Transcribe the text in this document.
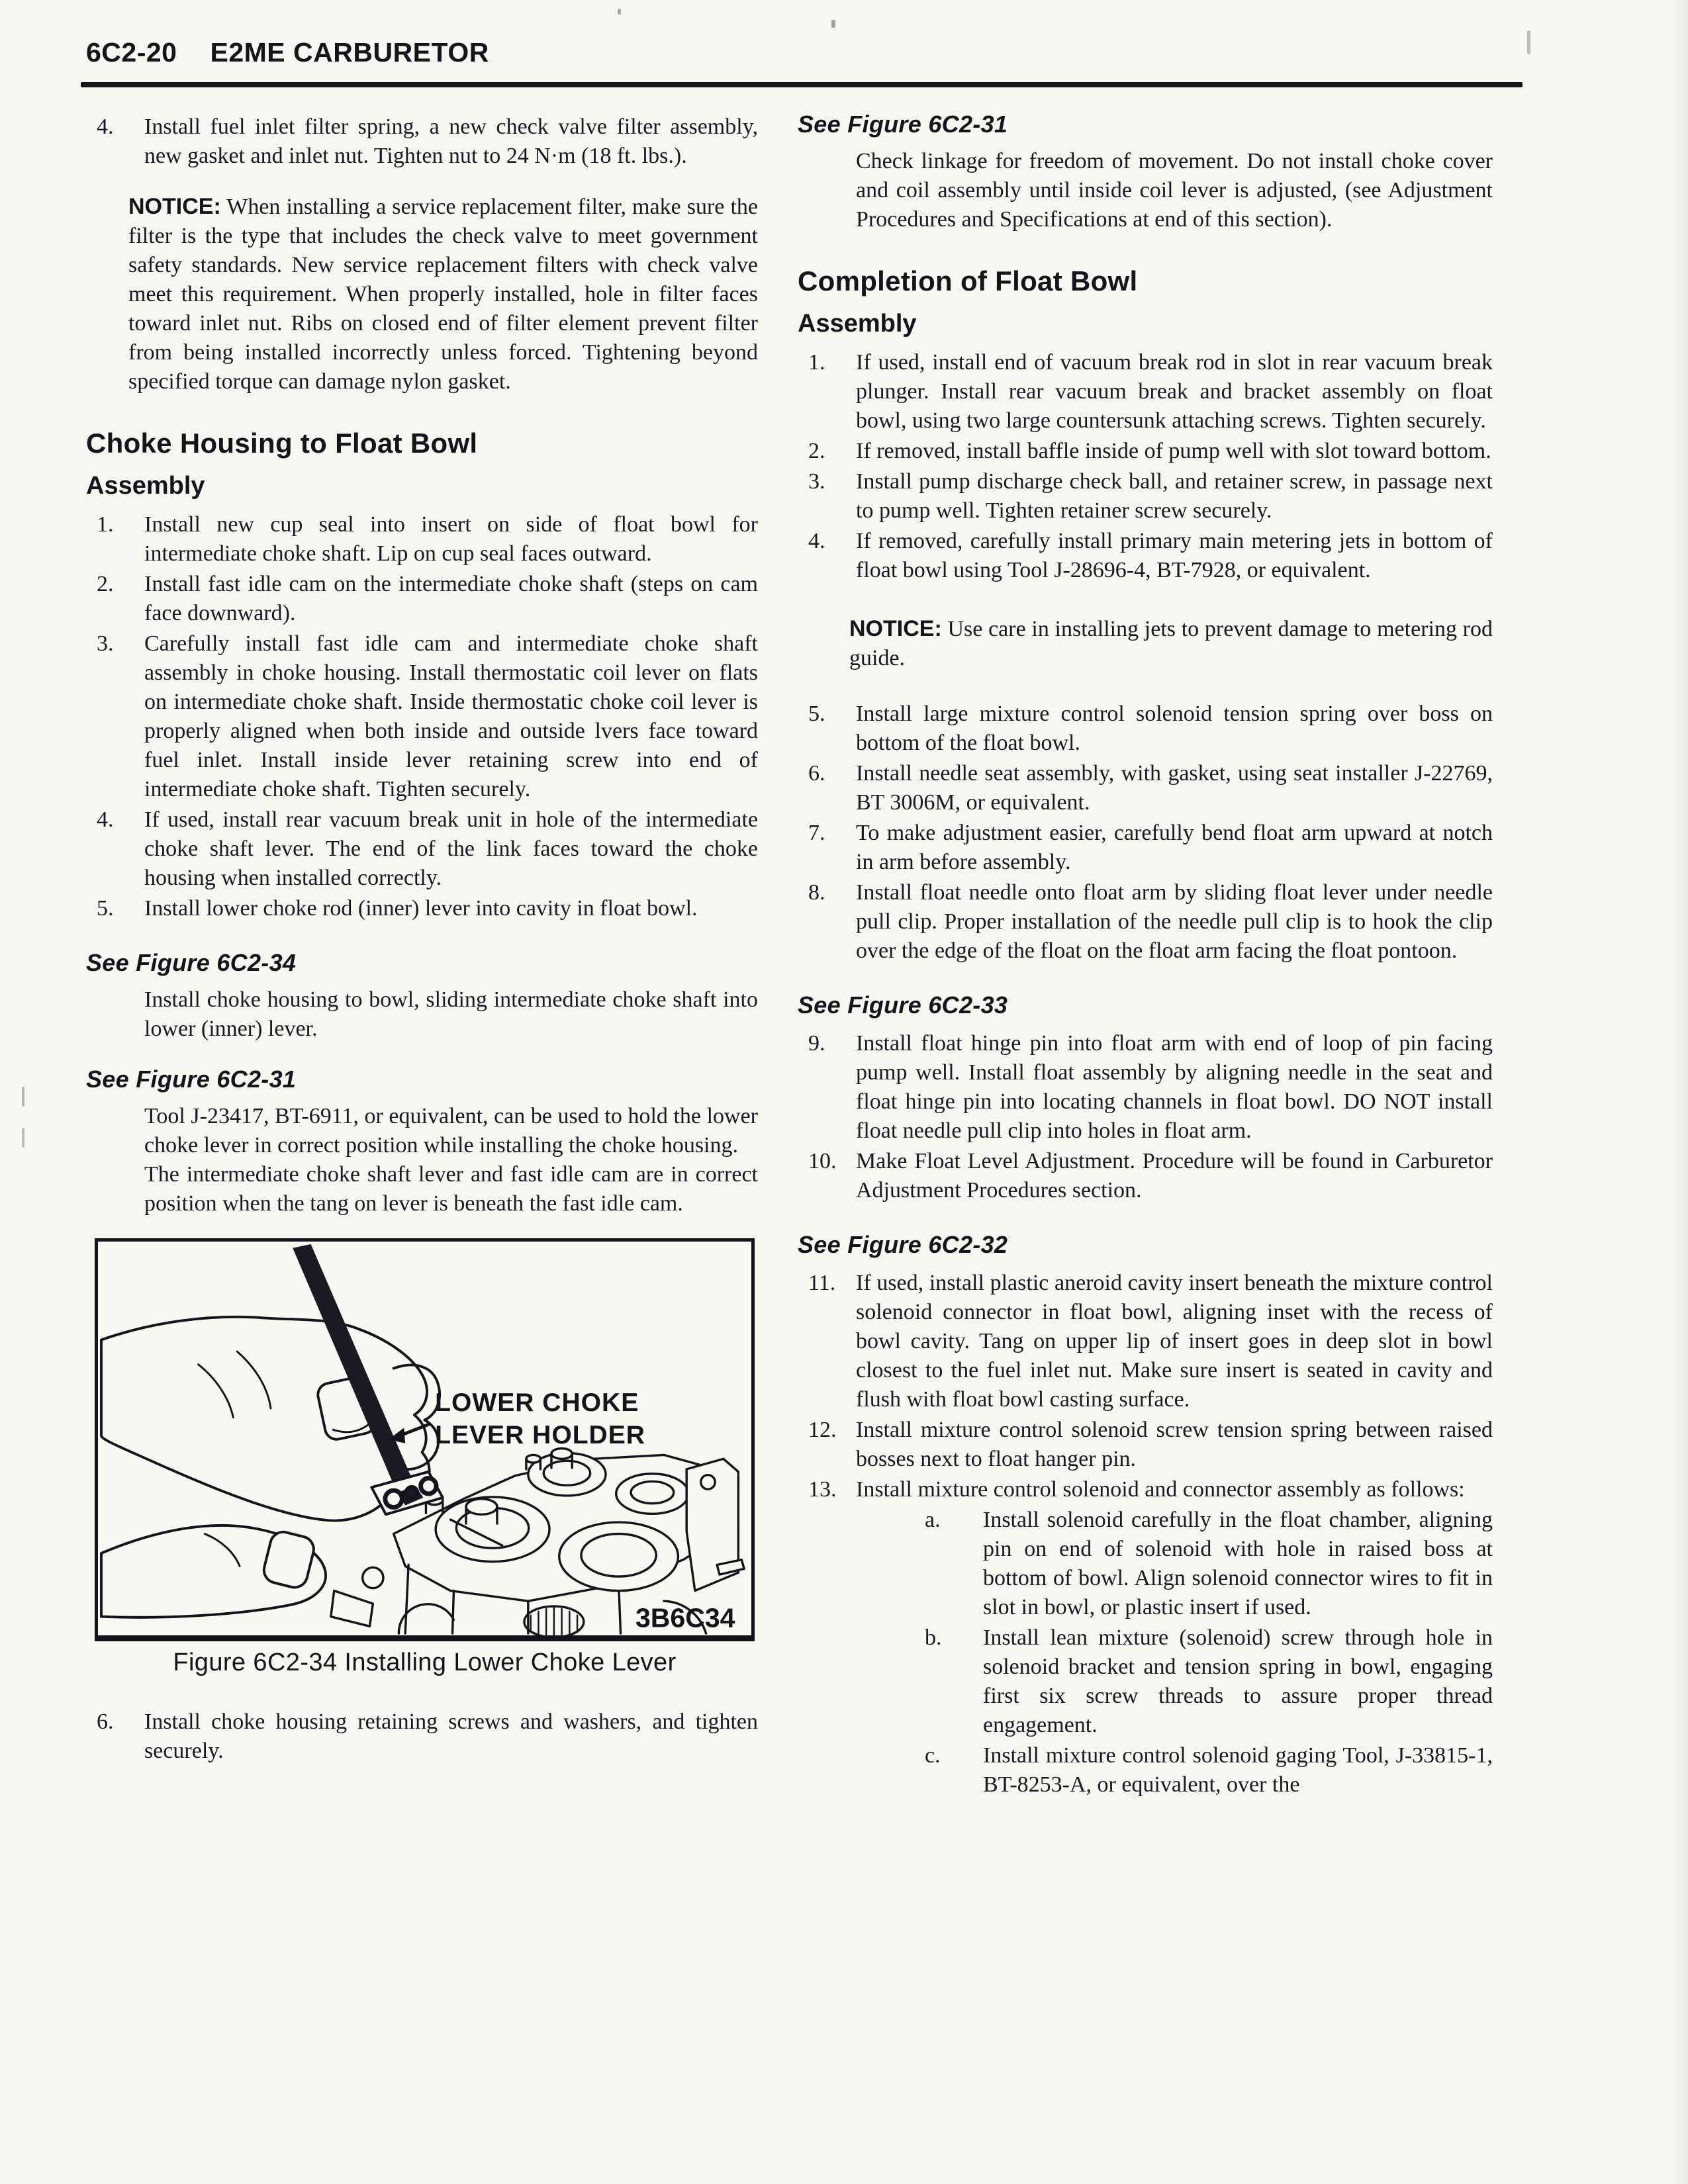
6C2-20 E2ME CARBURETOR
4.	Install fuel inlet filter spring, a new check valve filter assembly, new gasket and inlet nut. Tighten nut to 24 N·m (18 ft. lbs.).

NOTICE: When installing a service replacement filter, make sure the filter is the type that includes the check valve to meet government safety standards. New service replacement filters with check valve meet this requirement. When properly installed, hole in filter faces toward inlet nut. Ribs on closed end of filter element prevent filter from being installed incorrectly unless forced. Tightening beyond specified torque can damage nylon gasket.

Choke Housing to Float Bowl
Assembly
1.	Install new cup seal into insert on side of float bowl for intermediate choke shaft. Lip on cup seal faces outward.
2.	Install fast idle cam on the intermediate choke shaft (steps on cam face downward).
3.	Carefully install fast idle cam and intermediate choke shaft assembly in choke housing. Install thermostatic coil lever on flats on intermediate choke shaft. Inside thermostatic choke coil lever is properly aligned when both inside and outside lvers face toward fuel inlet. Install inside lever retaining screw into end of intermediate choke shaft. Tighten securely.
4.	If used, install rear vacuum break unit in hole of the intermediate choke shaft lever. The end of the link faces toward the choke housing when installed correctly.
5.	Install lower choke rod (inner) lever into cavity in float bowl.

See Figure 6C2-34

Install choke housing to bowl, sliding intermediate choke shaft into lower (inner) lever.

See Figure 6C2-31

Tool J-23417, BT-6911, or equivalent, can be used to hold the lower choke lever in correct position while installing the choke housing.

The intermediate choke shaft lever and fast idle cam are in correct position when the tang on lever is beneath the fast idle cam.

LOWER CHOKE
LEVER HOLDER
3B6C34
Figure 6C2-34 Installing Lower Choke Lever
6.	Install choke housing retaining screws and washers, and tighten securely.

See Figure 6C2-31

Check linkage for freedom of movement. Do not install choke cover and coil assembly until inside coil lever is adjusted, (see Adjustment Procedures and Specifications at end of this section).

Completion of Float Bowl
Assembly
1.	If used, install end of vacuum break rod in slot in rear vacuum break plunger. Install rear vacuum break and bracket assembly on float bowl, using two large countersunk attaching screws. Tighten securely.
2.	If removed, install baffle inside of pump well with slot toward bottom.
3.	Install pump discharge check ball, and retainer screw, in passage next to pump well. Tighten retainer screw securely.
4.	If removed, carefully install primary main metering jets in bottom of float bowl using Tool J-28696-4, BT-7928, or equivalent.

NOTICE: Use care in installing jets to prevent damage to metering rod guide.

5.	Install large mixture control solenoid tension spring over boss on bottom of the float bowl.
6.	Install needle seat assembly, with gasket, using seat installer J-22769, BT 3006M, or equivalent.
7.	To make adjustment easier, carefully bend float arm upward at notch in arm before assembly.
8.	Install float needle onto float arm by sliding float lever under needle pull clip. Proper installation of the needle pull clip is to hook the clip over the edge of the float on the float arm facing the float pontoon.

See Figure 6C2-33

9.	Install float hinge pin into float arm with end of loop of pin facing pump well. Install float assembly by aligning needle in the seat and float hinge pin into locating channels in float bowl. DO NOT install float needle pull clip into holes in float arm.
10. Make Float Level Adjustment. Procedure will be found in Carburetor Adjustment Procedures section.

See Figure 6C2-32

11. If used, install plastic aneroid cavity insert beneath the mixture control solenoid connector in float bowl, aligning inset with the recess of bowl cavity. Tang on upper lip of insert goes in deep slot in bowl closest to the fuel inlet nut. Make sure insert is seated in cavity and flush with float bowl casting surface.
12. Install mixture control solenoid screw tension spring between raised bosses next to float hanger pin.
13. Install mixture control solenoid and connector assembly as follows:
a.	Install solenoid carefully in the float chamber, aligning pin on end of solenoid with hole in raised boss at bottom of bowl. Align solenoid connector wires to fit in slot in bowl, or plastic insert if used.
b.	Install lean mixture (solenoid) screw through hole in solenoid bracket and tension spring in bowl, engaging first six screw threads to assure proper thread engagement.
c.	Install mixture control solenoid gaging Tool, J-33815-1, BT-8253-A, or equivalent, over the
